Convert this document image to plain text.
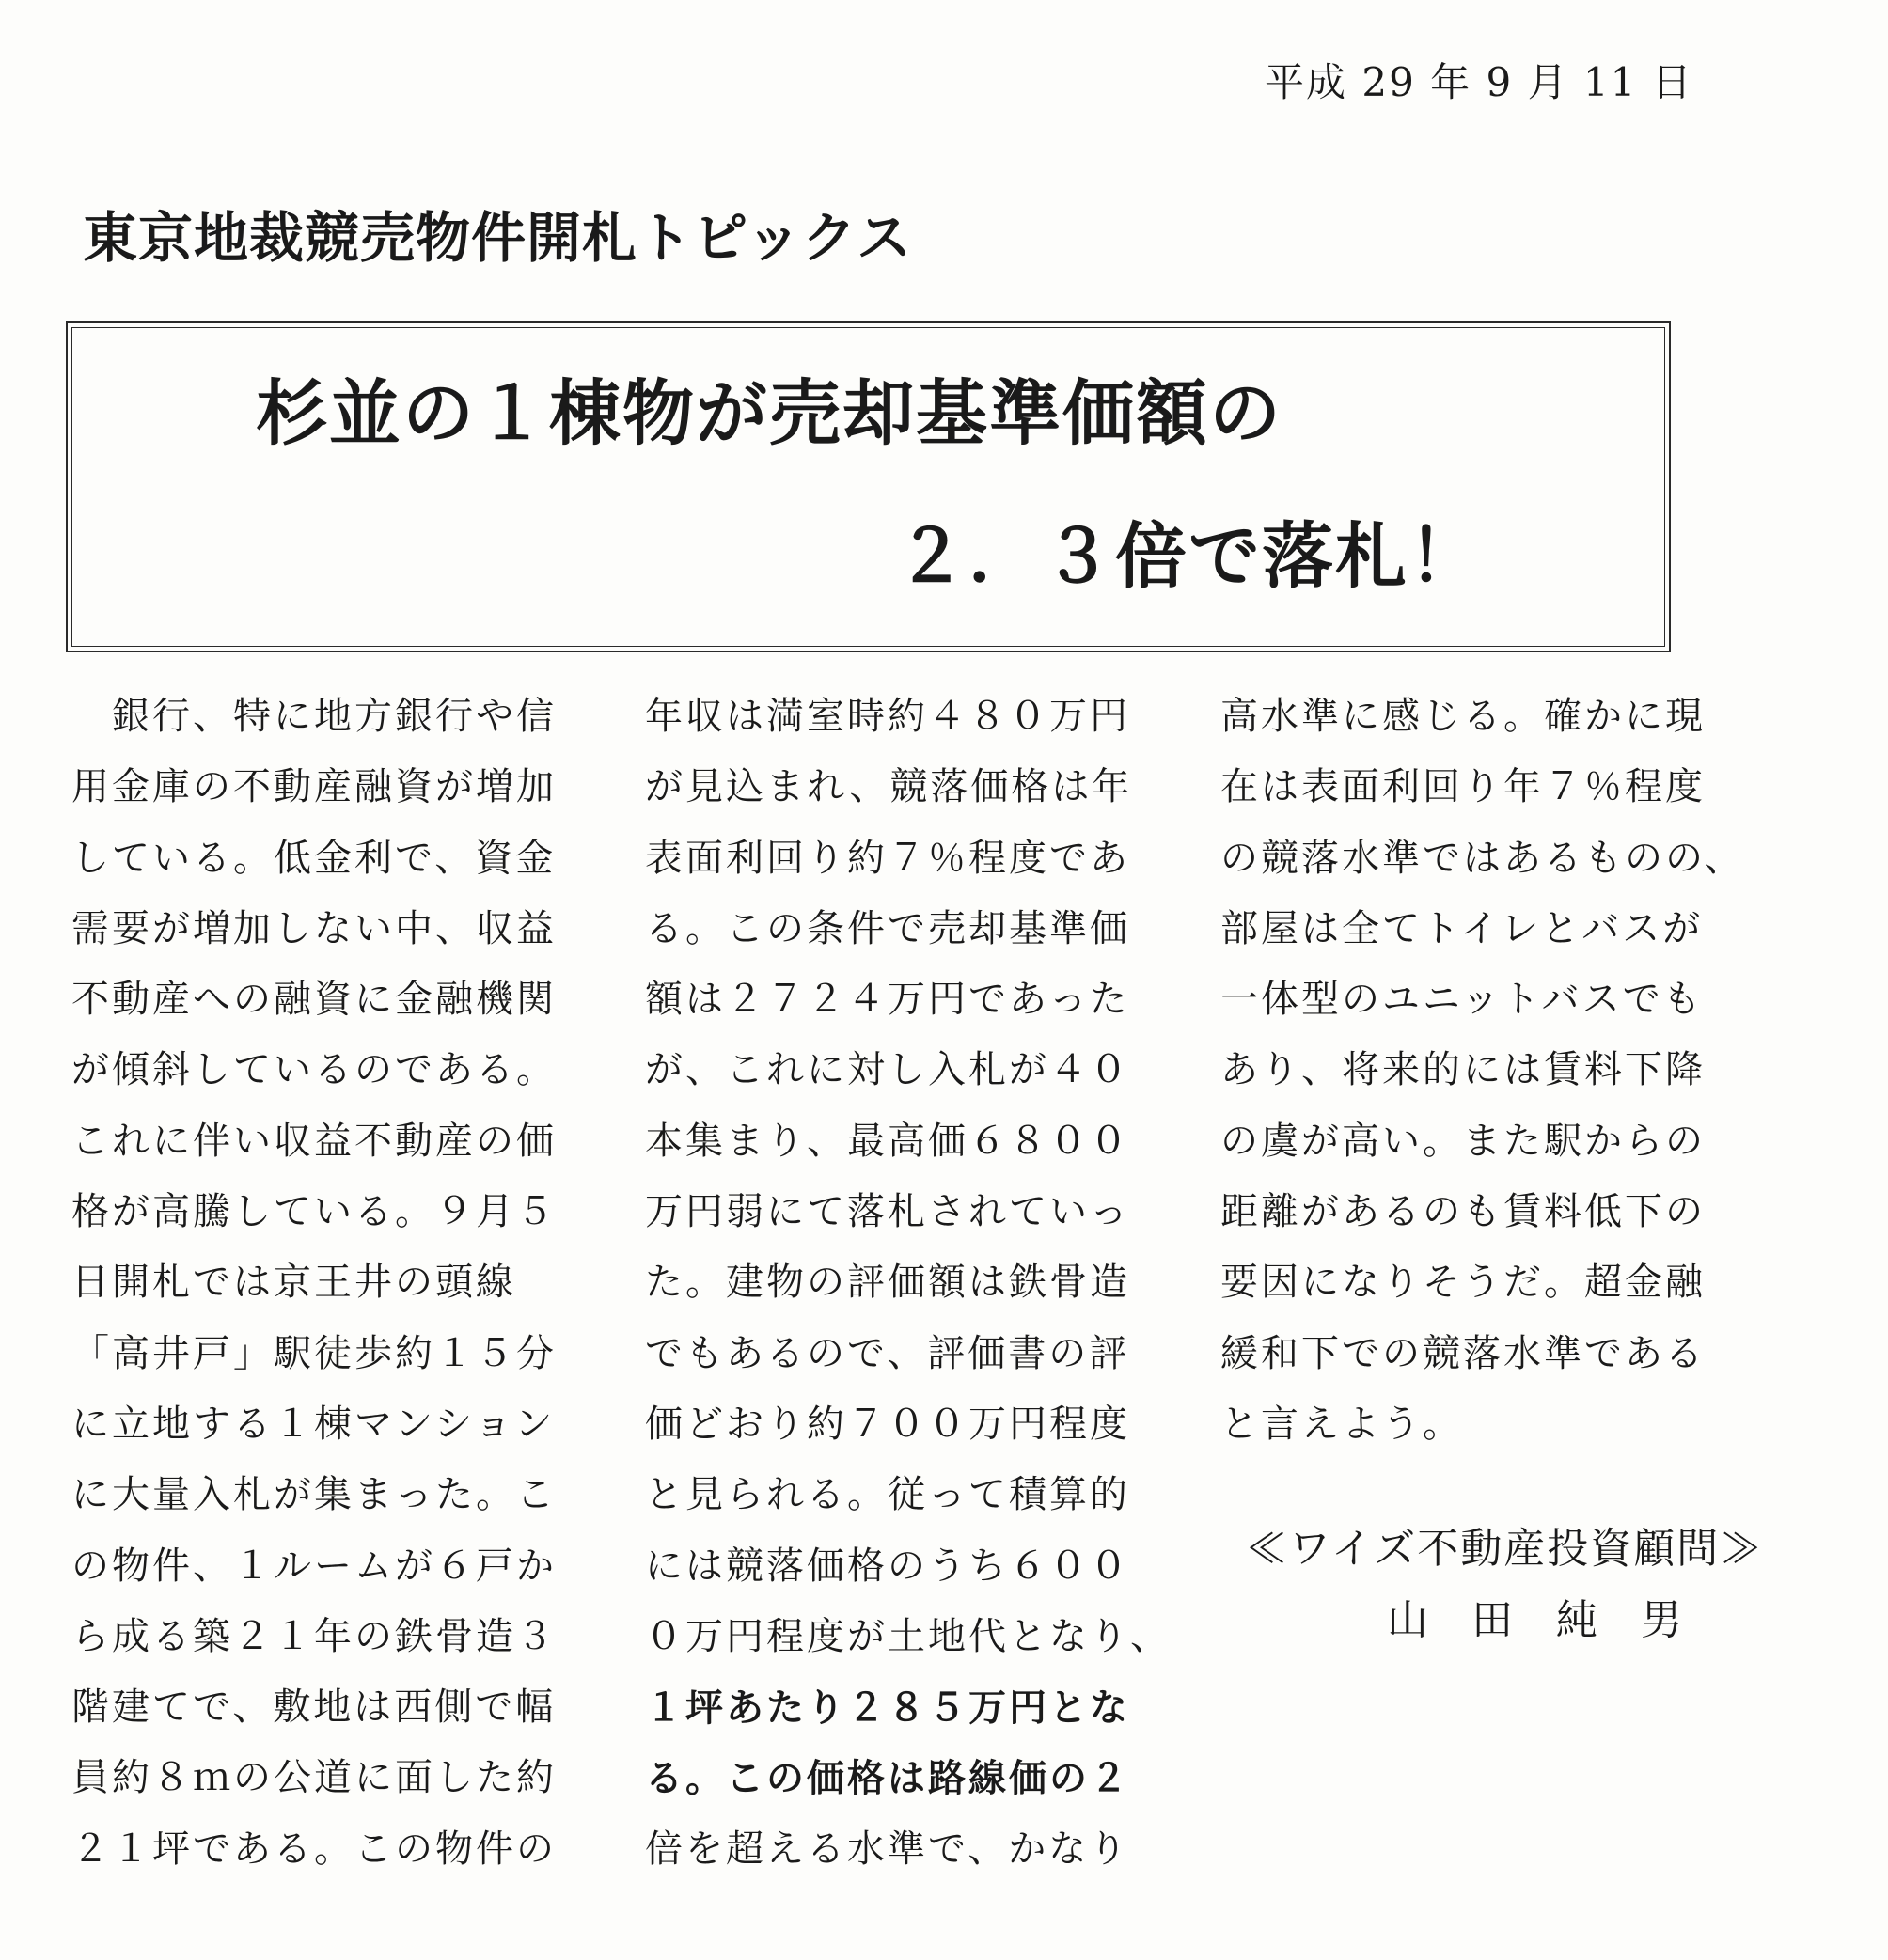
平成 29 年 9 月 11 日
東京地裁競売物件開札トピックス
杉並の１棟物が売却基準価額の
２．３倍で落札！
　銀行、特に地方銀行や信
用金庫の不動産融資が増加
している。低金利で、資金
需要が増加しない中、収益
不動産への融資に金融機関
が傾斜しているのである。
これに伴い収益不動産の価
格が高騰している。９月５
日開札では京王井の頭線
「高井戸」駅徒歩約１５分
に立地する１棟マンション
に大量入札が集まった。こ
の物件、１ルームが６戸か
ら成る築２１年の鉄骨造３
階建てで、敷地は西側で幅
員約８ｍの公道に面した約
２１坪である。この物件の
年収は満室時約４８０万円
が見込まれ、競落価格は年
表面利回り約７％程度であ
る。この条件で売却基準価
額は２７２４万円であった
が、これに対し入札が４０
本集まり、最高価６８００
万円弱にて落札されていっ
た。建物の評価額は鉄骨造
でもあるので、評価書の評
価どおり約７００万円程度
と見られる。従って積算的
には競落価格のうち６００
０万円程度が土地代となり、
１坪あたり２８５万円とな
る。この価格は路線価の２
倍を超える水準で、かなり
高水準に感じる。確かに現
在は表面利回り年７％程度
の競落水準ではあるものの、
部屋は全てトイレとバスが
一体型のユニットバスでも
あり、将来的には賃料下降
の虞が高い。また駅からの
距離があるのも賃料低下の
要因になりそうだ。超金融
緩和下での競落水準である
と言えよう。
≪ワイズ不動産投資顧問≫
山 田 純 男
